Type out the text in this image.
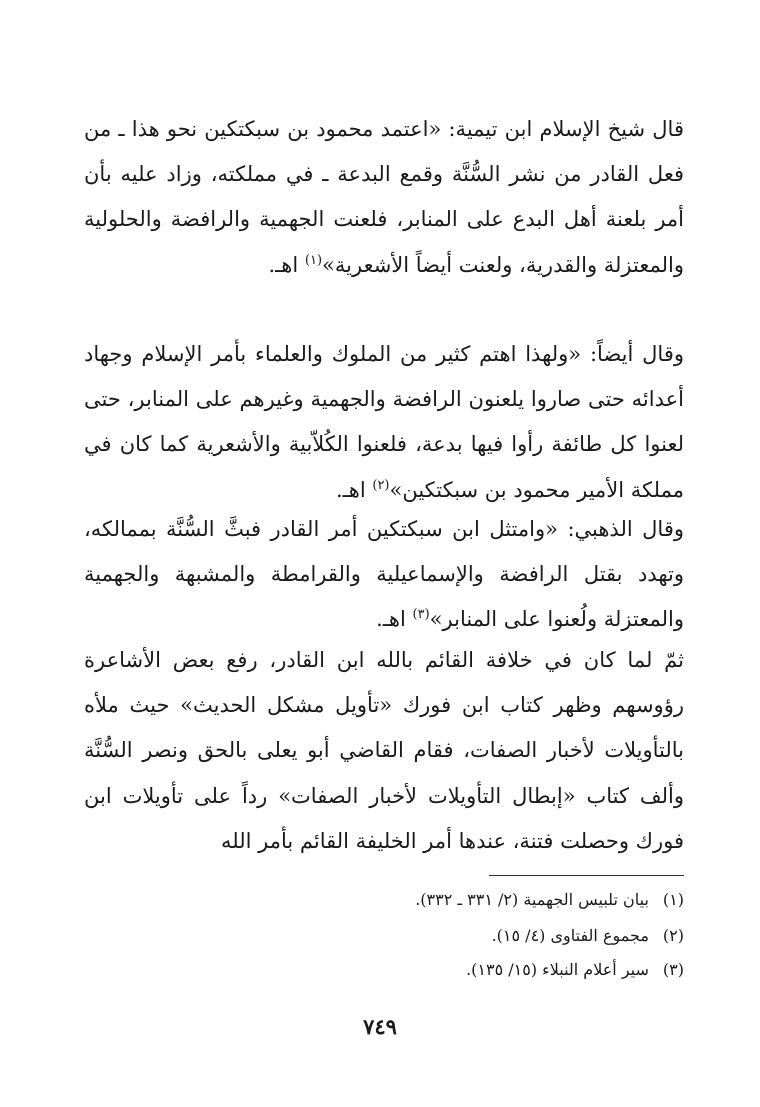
قال شيخ الإسلام ابن تيمية: «اعتمد محمود بن سبكتكين نحو هذا ـ من فعل القادر من نشر السُّنَّة وقمع البدعة ـ في مملكته، وزاد عليه بأن أمر بلعنة أهل البدع على المنابر، فلعنت الجهمية والرافضة والحلولية والمعتزلة والقدرية، ولعنت أيضاً الأشعرية»$^{(١)}$ اهـ.

وقال أيضاً: «ولهذا اهتم كثير من الملوك والعلماء بأمر الإسلام وجهاد أعدائه حتى صاروا يلعنون الرافضة والجهمية وغيرهم على المنابر، حتى لعنوا كل طائفة رأوا فيها بدعة، فلعنوا الكُلاّبية والأشعرية كما كان في مملكة الأمير محمود بن سبكتكين»$^{(٢)}$ اهـ.

وقال الذهبي: «وامتثل ابن سبكتكين أمر القادر فبثَّ السُّنَّة بممالكه، وتهدد بقتل الرافضة والإسماعيلية والقرامطة والمشبهة والجهمية والمعتزلة ولُعنوا على المنابر»$^{(٣)}$ اهـ.

ثمّ لما كان في خلافة القائم بالله ابن القادر، رفع بعض الأشاعرة رؤوسهم وظهر كتاب ابن فورك «تأويل مشكل الحديث» حيث ملأه بالتأويلات لأخبار الصفات، فقام القاضي أبو يعلى بالحق ونصر السُّنَّة وألف كتاب «إبطال التأويلات لأخبار الصفات» رداً على تأويلات ابن فورك وحصلت فتنة، عندها أمر الخليفة القائم بأمر الله

(١) بيان تلبيس الجهمية (٢/ ٣٣١ ـ ٣٣٢).

(٢) مجموع الفتاوى (٤/ ١٥).

(٣) سير أعلام النبلاء (١٥/ ١٣٥).

٧٤٩
